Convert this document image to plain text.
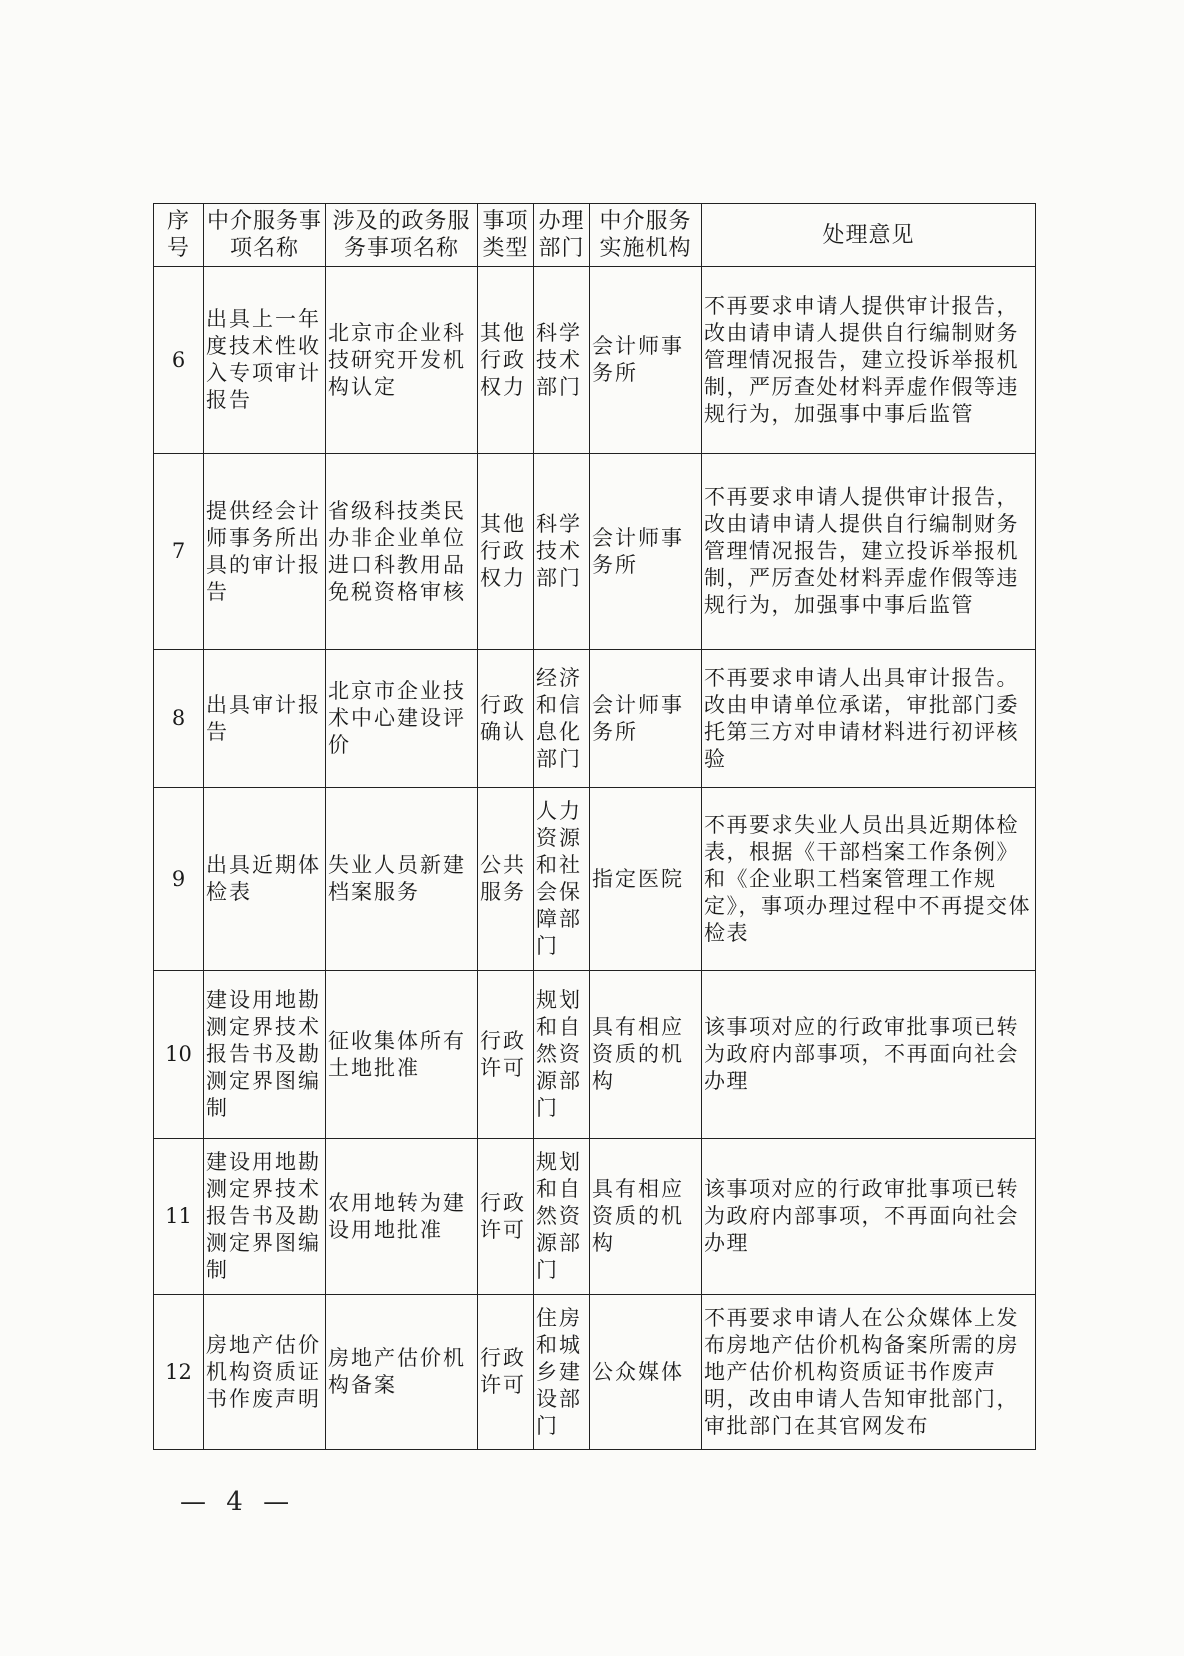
序号	中介服务事项名称	涉及的政务服务事项名称	事项类型	办理部门	中介服务实施机构	处理意见
6	出具上一年度技术性收入专项审计报告	北京市企业科技研究开发机构认定	其他行政权力	科学技术部门	会计师事务所	不再要求申请人提供审计报告，改由请申请人提供自行编制财务管理情况报告，建立投诉举报机制，严厉查处材料弄虚作假等违规行为，加强事中事后监管
7	提供经会计师事务所出具的审计报告	省级科技类民办非企业单位进口科教用品免税资格审核	其他行政权力	科学技术部门	会计师事务所	不再要求申请人提供审计报告，改由请申请人提供自行编制财务管理情况报告，建立投诉举报机制，严厉查处材料弄虚作假等违规行为，加强事中事后监管
8	出具审计报告	北京市企业技术中心建设评价	行政确认	经济和信息化部门	会计师事务所	不再要求申请人出具审计报告。改由申请单位承诺，审批部门委托第三方对申请材料进行初评核验
9	出具近期体检表	失业人员新建档案服务	公共服务	人力资源和社会保障部门	指定医院	不再要求失业人员出具近期体检表，根据《干部档案工作条例》和《企业职工档案管理工作规定》，事项办理过程中不再提交体检表
10	建设用地勘测定界技术报告书及勘测定界图编制	征收集体所有土地批准	行政许可	规划和自然资源部门	具有相应资质的机构	该事项对应的行政审批事项已转为政府内部事项，不再面向社会办理
11	建设用地勘测定界技术报告书及勘测定界图编制	农用地转为建设用地批准	行政许可	规划和自然资源部门	具有相应资质的机构	该事项对应的行政审批事项已转为政府内部事项，不再面向社会办理
12	房地产估价机构资质证书作废声明	房地产估价机构备案	行政许可	住房和城乡建设部门	公众媒体	不再要求申请人在公众媒体上发布房地产估价机构备案所需的房地产估价机构资质证书作废声明，改由申请人告知审批部门，审批部门在其官网发布
— 4 —
